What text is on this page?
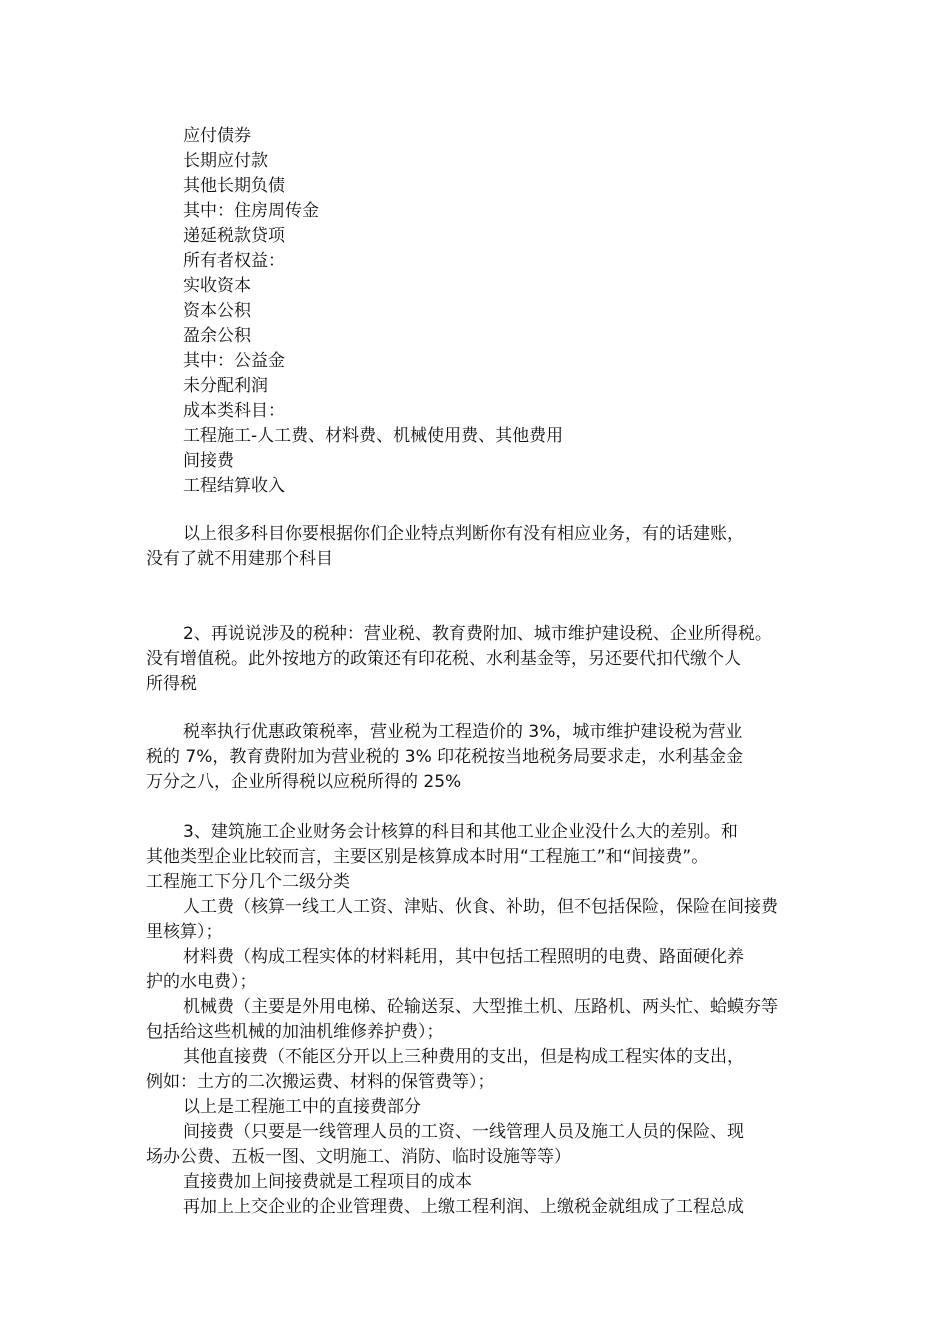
应付债券
长期应付款
其他长期负债
其中：住房周传金
递延税款贷项
所有者权益：
实收资本
资本公积
盈余公积
其中：公益金
未分配利润
成本类科目：
工程施工-人工费、材料费、机械使用费、其他费用
间接费
工程结算收入
以上很多科目你要根据你们企业特点判断你有没有相应业务，有的话建账，
没有了就不用建那个科目
2、再说说涉及的税种：营业税、教育费附加、城市维护建设税、企业所得税。
没有增值税。此外按地方的政策还有印花税、水利基金等，另还要代扣代缴个人
所得税
税率执行优惠政策税率，营业税为工程造价的 3%，城市维护建设税为营业
税的 7%，教育费附加为营业税的 3% 印花税按当地税务局要求走，水利基金金
万分之八，企业所得税以应税所得的 25%
3、建筑施工企业财务会计核算的科目和其他工业企业没什么大的差别。和
其他类型企业比较而言，主要区别是核算成本时用“工程施工”和“间接费”。
工程施工下分几个二级分类
人工费（核算一线工人工资、津贴、伙食、补助，但不包括保险，保险在间接费
里核算）；
材料费（构成工程实体的材料耗用，其中包括工程照明的电费、路面硬化养
护的水电费）；
机械费（主要是外用电梯、砼输送泵、大型推土机、压路机、两头忙、蛤蟆夯等
包括给这些机械的加油机维修养护费）；
其他直接费（不能区分开以上三种费用的支出，但是构成工程实体的支出，
例如：土方的二次搬运费、材料的保管费等）；
以上是工程施工中的直接费部分
间接费（只要是一线管理人员的工资、一线管理人员及施工人员的保险、现
场办公费、五板一图、文明施工、消防、临时设施等等）
直接费加上间接费就是工程项目的成本
再加上上交企业的企业管理费、上缴工程利润、上缴税金就组成了工程总成
